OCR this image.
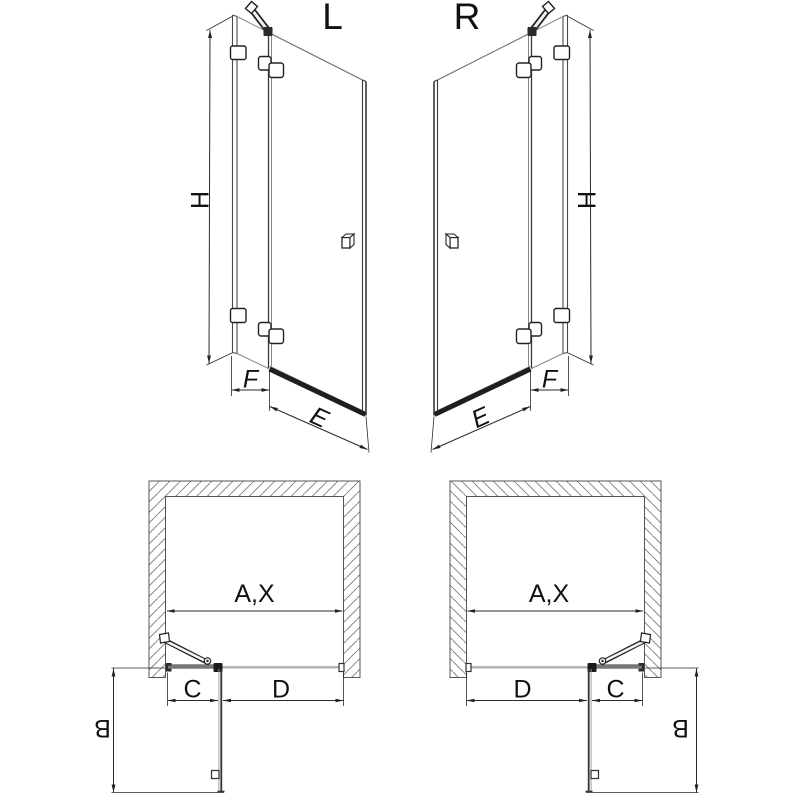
L	R
H	H
F	F
E	E
A,X	A,X
C	C
D	D
B	B
